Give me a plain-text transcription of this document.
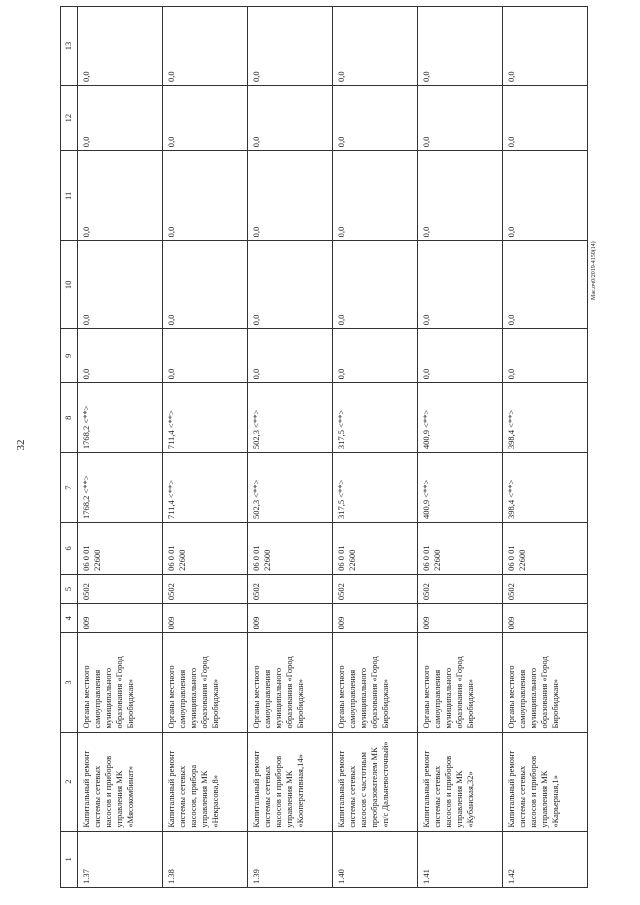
32
Мас.оч0/2019-4150(14)
1	2	3	4	5	6	7	8	9	10	11	12	13
1.37	Капитальный ремонт системы сетевых насосов и приборов управления МК «Мясокомбинат»	Органы местного самоуправления муниципального образования «Город Биробиджан»	009	0502	06 0 01 22600	1768,2 <**>	1768,2 <**>	0,0	0,0	0,0	0,0	0,0
1.38	Капитальный ремонт системы сетевых насосов, прибора управления МК «Некрасова,8»	Органы местного самоуправления муниципального образования «Город Биробиджан»	009	0502	06 0 01 22600	711,4 <**>	711,4 <**>	0,0	0,0	0,0	0,0	0,0
1.39	Капитальный ремонт системы сетевых насосов и приборов управления МК «Кооперативная,14»	Органы местного самоуправления муниципального образования «Город Биробиджан»	009	0502	06 0 01 22600	502,3 <**>	502,3 <**>	0,0	0,0	0,0	0,0	0,0
1.40	Капитальный ремонт системы сетевых насосов с частотным преобразователем МК «п/с Дальневосточный»	Органы местного самоуправления муниципального образования «Город Биробиджан»	009	0502	06 0 01 22600	317,5 <**>	317,5 <**>	0,0	0,0	0,0	0,0	0,0
1.41	Капитальный ремонт системы сетевых насосов и приборов управления МК «Кубанская,32»	Органы местного самоуправления муниципального образования «Город Биробиджан»	009	0502	06 0 01 22600	400,9 <**>	400,9 <**>	0,0	0,0	0,0	0,0	0,0
1.42	Капитальный ремонт системы сетевых насосов и приборов управления МК «Карьерная,1»	Органы местного самоуправления муниципального образования «Город Биробиджан»	009	0502	06 0 01 22600	398,4 <**>	398,4 <**>	0,0	0,0	0,0	0,0	0,0
